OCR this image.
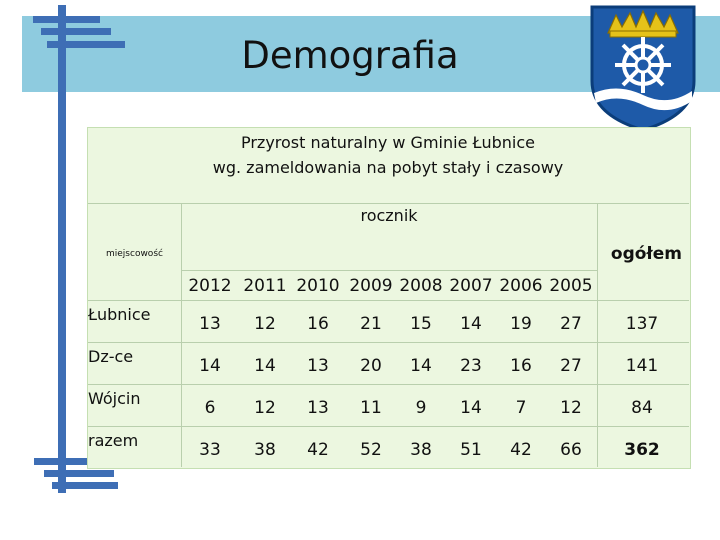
Demografia
Przyrost naturalny w Gminie Łubnice
wg. zameldowania na pobyt stały i czasowy
rocznik
miejscowość	ogółem
2012 2011 2010 2009 2008 2007 2006 2005
Łubnice	13	12	16	21	15	14	19	27	137
Dz-ce	14	14	13	20	14	23	16	27	141
Wójcin	6	12	13	11	9	14	7	12	84
razem	33	38	42	52	38	51	42	66	362
